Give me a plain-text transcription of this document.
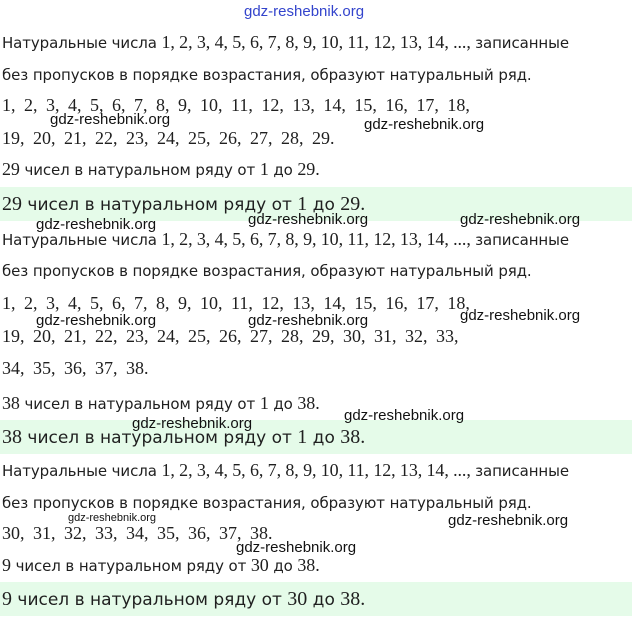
gdz-reshebnik.org
Натуральные числа 1, 2, 3, 4, 5, 6, 7, 8, 9, 10, 11, 12, 13, 14, ..., записанные
без пропусков в порядке возрастания, образуют натуральный ряд.
1, 2, 3, 4, 5, 6, 7, 8, 9, 10, 11, 12, 13, 14, 15, 16, 17, 18,
19, 20, 21, 22, 23, 24, 25, 26, 27, 28, 29.
29 чисел в натуральном ряду от 1 до 29.
29 чисел в натуральном ряду от 1 до 29.
Натуральные числа 1, 2, 3, 4, 5, 6, 7, 8, 9, 10, 11, 12, 13, 14, ..., записанные
без пропусков в порядке возрастания, образуют натуральный ряд.
1, 2, 3, 4, 5, 6, 7, 8, 9, 10, 11, 12, 13, 14, 15, 16, 17, 18,
19, 20, 21, 22, 23, 24, 25, 26, 27, 28, 29, 30, 31, 32, 33,
34, 35, 36, 37, 38.
38 чисел в натуральном ряду от 1 до 38.
38 чисел в натуральном ряду от 1 до 38.
Натуральные числа 1, 2, 3, 4, 5, 6, 7, 8, 9, 10, 11, 12, 13, 14, ..., записанные
без пропусков в порядке возрастания, образуют натуральный ряд.
30, 31, 32, 33, 34, 35, 36, 37, 38.
9 чисел в натуральном ряду от 30 до 38.
9 чисел в натуральном ряду от 30 до 38.
gdz-reshebnik.org	gdz-reshebnik.org
gdz-reshebnik.org	gdz-reshebnik.org	gdz-reshebnik.org
gdz-reshebnik.org	gdz-reshebnik.org	gdz-reshebnik.org
gdz-reshebnik.org
gdz-reshebnik.org
gdz-reshebnik.org	gdz-reshebnik.org
gdz-reshebnik.org
